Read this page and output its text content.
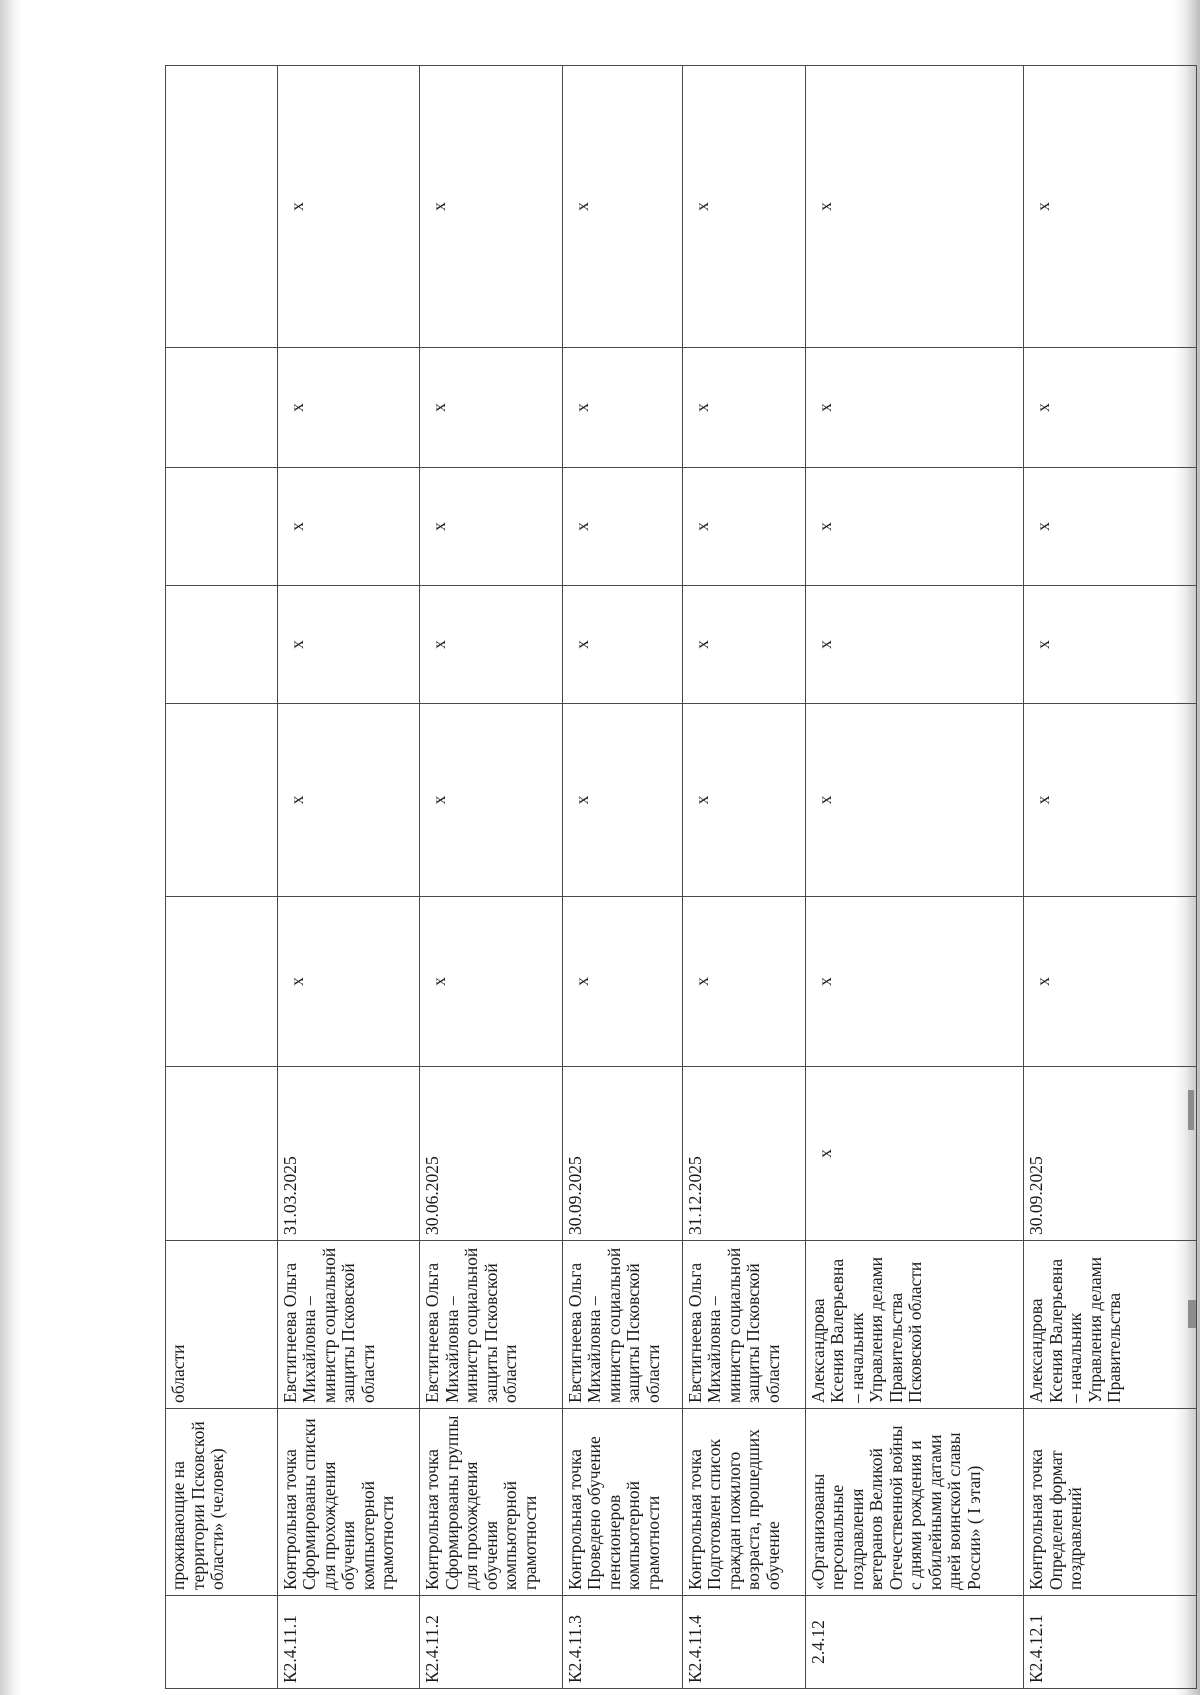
	проживающие на территории Псковской области» (человек)	области							
К2.4.11.1	Контрольная точка Сформированы списки для прохождения обучения компьютерной грамотности	Евстигнеева Ольга Михайловна – министр социальной защиты Псковской области	31.03.2025	х	х	х	х	х	х
К2.4.11.2	Контрольная точка Сформированы группы для прохождения обучения компьютерной грамотности	Евстигнеева Ольга Михайловна – министр социальной защиты Псковской области	30.06.2025	х	х	х	х	х	х
К2.4.11.3	Контрольная точка Проведено обучение пенсионеров компьютерной грамотности	Евстигнеева Ольга Михайловна – министр социальной защиты Псковской области	30.09.2025	х	х	х	х	х	х
К2.4.11.4	Контрольная точка Подготовлен список граждан пожилого возраста, прошедших обучение	Евстигнеева Ольга Михайловна – министр социальной защиты Псковской области	31.12.2025	х	х	х	х	х	х
2.4.12	«Организованы персональные поздравления ветеранов Великой Отечественной войны с днями рождения и юбилейными датами дней воинской славы России» ( I этап)	Александрова Ксения Валерьевна – начальник Управления делами Правительства Псковской области	х	х	х	х	х	х	х
К2.4.12.1	Контрольная точка Определен формат поздравлений	Александрова Ксения Валерьевна – начальник Управления делами Правительства	30.09.2025	х	х	х	х	х	х
